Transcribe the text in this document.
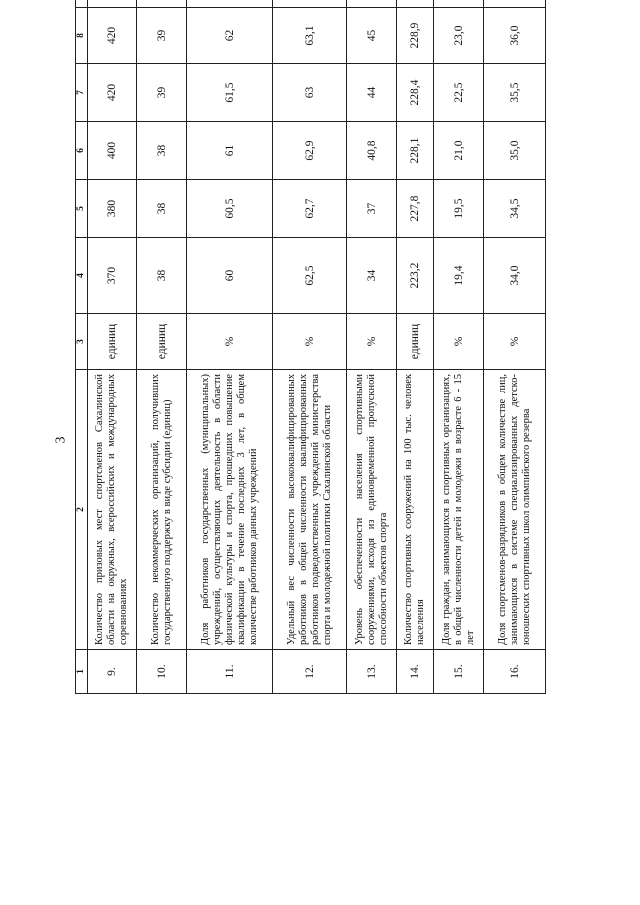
3
1	2	3	4	5	6	7	8		
9.	Количество призовых мест спортсменов Сахалинской области на окружных, всероссийских и международных соревнованиях	единиц	370	380	400	420	420		
10.	Количество некоммерческих организаций, получивших государственную поддержку в виде субсидии (единиц)	единиц	38	38	38	39	39		
11.	Доля работников государственных (муниципальных) учреждений, осуществляющих деятельность в области физической культуры и спорта, прошедших повышение квалификации в течение последних 3 лет, в общем количестве работников данных учреждений	%	60	60,5	61	61,5	62		
12.	Удельный вес численности высококвалифицированных работников в общей численности квалифицированных работников подведомственных учреждений министерства спорта и молодежной политики Сахалинской области	%	62,5	62,7	62,9	63	63,1		
13.	Уровень обеспеченности населения спортивными сооружениями, исходя из единовременной пропускной способности объектов спорта	%	34	37	40,8	44	45		
14.	Количество спортивных сооружений на 100 тыс. человек населения	единиц	223,2	227,8	228,1	228,4	228,9		
15.	Доля граждан, занимающихся в спортивных организациях, в общей численности детей и молодежи в возрасте 6 - 15 лет	%	19,4	19,5	21,0	22,5	23,0		
16.	Доля спортсменов-разрядников в общем количестве лиц, занимающихся в системе специализированных детско-юношеских спортивных школ олимпийского резерва	%	34,0	34,5	35,0	35,5	36,0		
